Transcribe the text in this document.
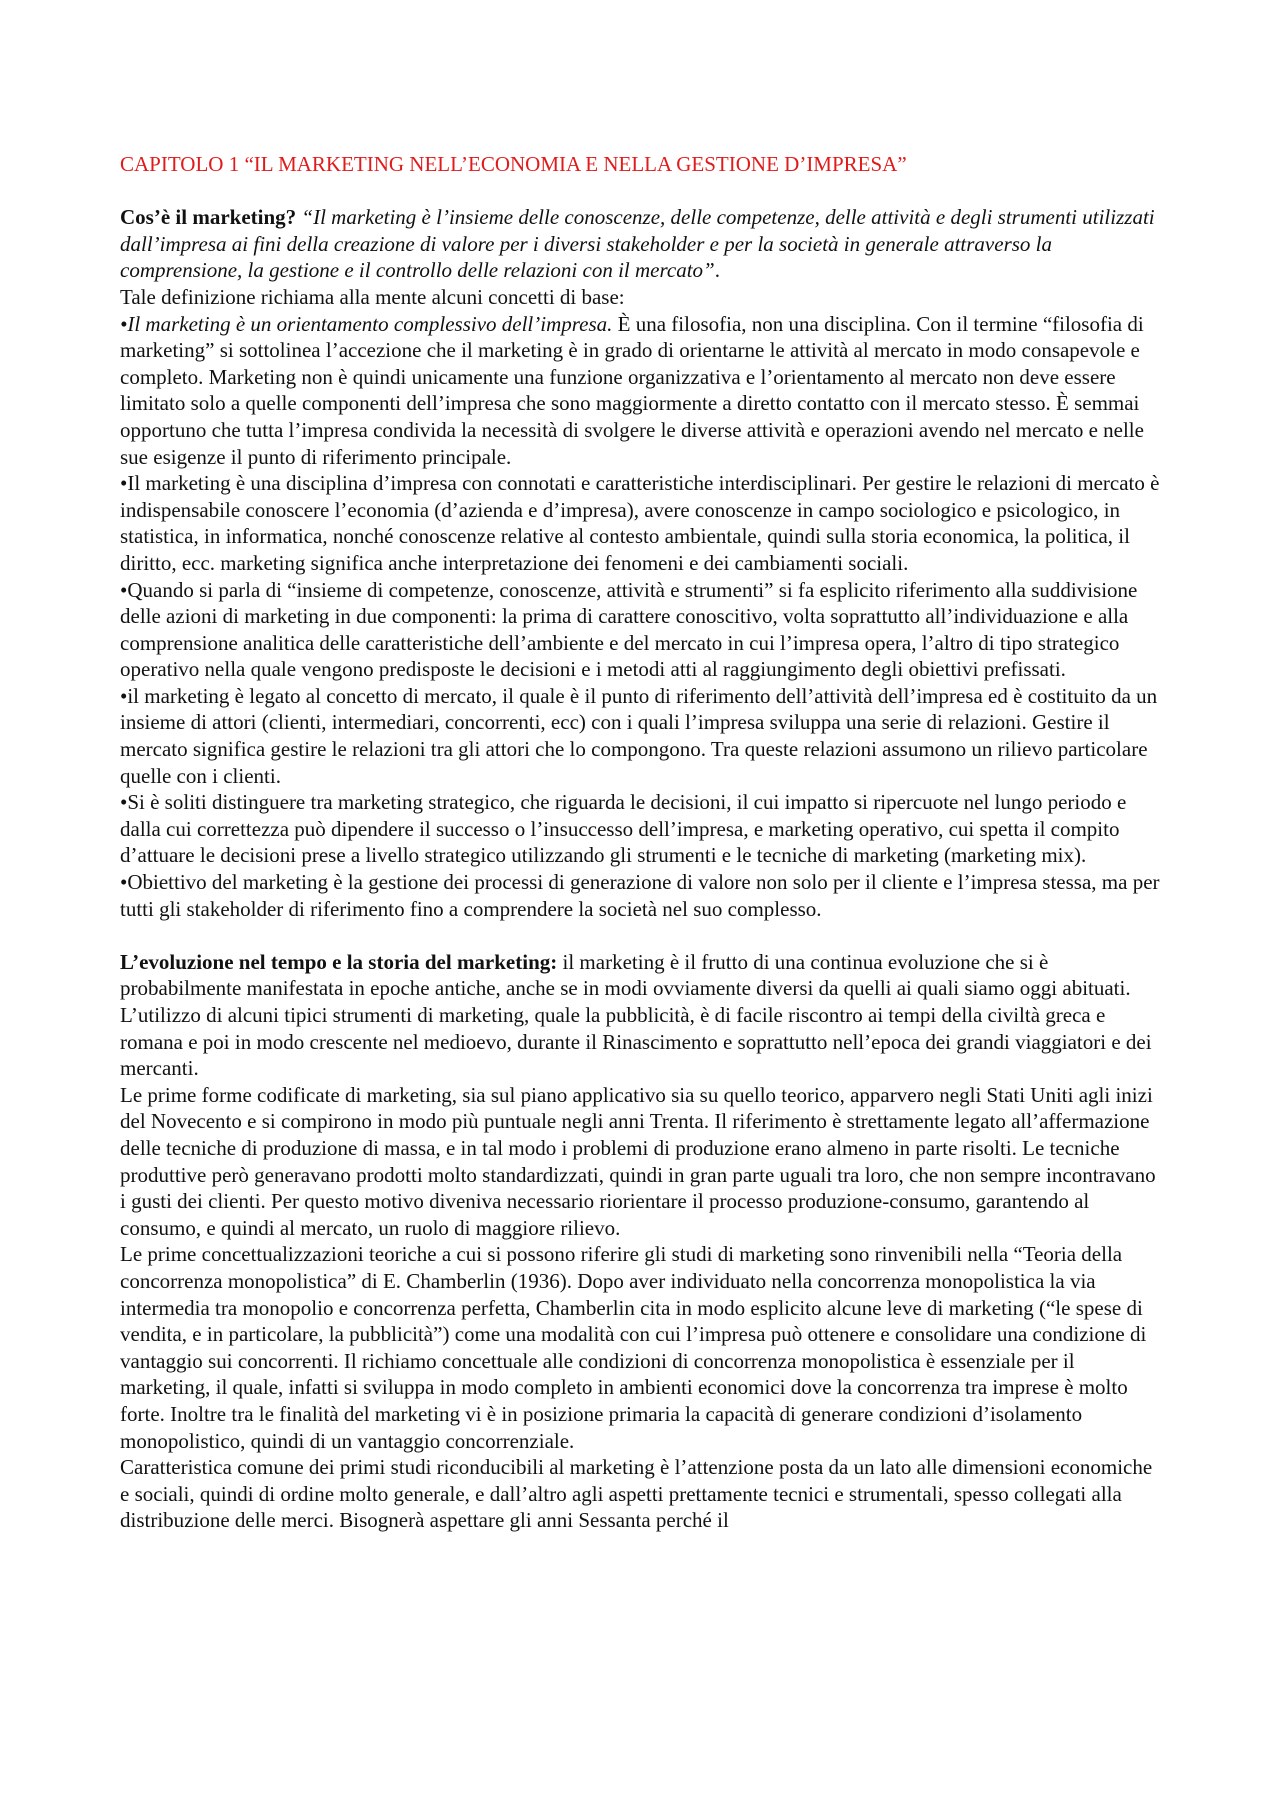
CAPITOLO 1 “IL MARKETING NELL’ECONOMIA E NELLA GESTIONE D’IMPRESA”

Cos’è il marketing? “Il marketing è l’insieme delle conoscenze, delle competenze, delle attività e degli strumenti utilizzati dall’impresa ai fini della creazione di valore per i diversi stakeholder e per la società in generale attraverso la comprensione, la gestione e il controllo delle relazioni con il mercato”.

Tale definizione richiama alla mente alcuni concetti di base:

•Il marketing è un orientamento complessivo dell’impresa. È una filosofia, non una disciplina. Con il termine “filosofia di marketing” si sottolinea l’accezione che il marketing è in grado di orientarne le attività al mercato in modo consapevole e completo. Marketing non è quindi unicamente una funzione organizzativa e l’orientamento al mercato non deve essere limitato solo a quelle componenti dell’impresa che sono maggiormente a diretto contatto con il mercato stesso. È semmai opportuno che tutta l’impresa condivida la necessità di svolgere le diverse attività e operazioni avendo nel mercato e nelle sue esigenze il punto di riferimento principale.

•Il marketing è una disciplina d’impresa con connotati e caratteristiche interdisciplinari. Per gestire le relazioni di mercato è indispensabile conoscere l’economia (d’azienda e d’impresa), avere conoscenze in campo sociologico e psicologico, in statistica, in informatica, nonché conoscenze relative al contesto ambientale, quindi sulla storia economica, la politica, il diritto, ecc. marketing significa anche interpretazione dei fenomeni e dei cambiamenti sociali.

•Quando si parla di “insieme di competenze, conoscenze, attività e strumenti” si fa esplicito riferimento alla suddivisione delle azioni di marketing in due componenti: la prima di carattere conoscitivo, volta soprattutto all’individuazione e alla comprensione analitica delle caratteristiche dell’ambiente e del mercato in cui l’impresa opera, l’altro di tipo strategico operativo nella quale vengono predisposte le decisioni e i metodi atti al raggiungimento degli obiettivi prefissati.

•il marketing è legato al concetto di mercato, il quale è il punto di riferimento dell’attività dell’impresa ed è costituito da un insieme di attori (clienti, intermediari, concorrenti, ecc) con i quali l’impresa sviluppa una serie di relazioni. Gestire il mercato significa gestire le relazioni tra gli attori che lo compongono. Tra queste relazioni assumono un rilievo particolare quelle con i clienti.

•Si è soliti distinguere tra marketing strategico, che riguarda le decisioni, il cui impatto si ripercuote nel lungo periodo e dalla cui correttezza può dipendere il successo o l’insuccesso dell’impresa, e marketing operativo, cui spetta il compito d’attuare le decisioni prese a livello strategico utilizzando gli strumenti e le tecniche di marketing (marketing mix).

•Obiettivo del marketing è la gestione dei processi di generazione di valore non solo per il cliente e l’impresa stessa, ma per tutti gli stakeholder di riferimento fino a comprendere la società nel suo complesso.

L’evoluzione nel tempo e la storia del marketing: il marketing è il frutto di una continua evoluzione che si è probabilmente manifestata in epoche antiche, anche se in modi ovviamente diversi da quelli ai quali siamo oggi abituati. L’utilizzo di alcuni tipici strumenti di marketing, quale la pubblicità, è di facile riscontro ai tempi della civiltà greca e romana e poi in modo crescente nel medioevo, durante il Rinascimento e soprattutto nell’epoca dei grandi viaggiatori e dei mercanti.

Le prime forme codificate di marketing, sia sul piano applicativo sia su quello teorico, apparvero negli Stati Uniti agli inizi del Novecento e si compirono in modo più puntuale negli anni Trenta. Il riferimento è strettamente legato all’affermazione delle tecniche di produzione di massa, e in tal modo i problemi di produzione erano almeno in parte risolti. Le tecniche produttive però generavano prodotti molto standardizzati, quindi in gran parte uguali tra loro, che non sempre incontravano i gusti dei clienti. Per questo motivo diveniva necessario riorientare il processo produzione-consumo, garantendo al consumo, e quindi al mercato, un ruolo di maggiore rilievo.

Le prime concettualizzazioni teoriche a cui si possono riferire gli studi di marketing sono rinvenibili nella “Teoria della concorrenza monopolistica” di E. Chamberlin (1936). Dopo aver individuato nella concorrenza monopolistica la via intermedia tra monopolio e concorrenza perfetta, Chamberlin cita in modo esplicito alcune leve di marketing (“le spese di vendita, e in particolare, la pubblicità”) come una modalità con cui l’impresa può ottenere e consolidare una condizione di vantaggio sui concorrenti. Il richiamo concettuale alle condizioni di concorrenza monopolistica è essenziale per il marketing, il quale, infatti si sviluppa in modo completo in ambienti economici dove la concorrenza tra imprese è molto forte. Inoltre tra le finalità del marketing vi è in posizione primaria la capacità di generare condizioni d’isolamento monopolistico, quindi di un vantaggio concorrenziale.

Caratteristica comune dei primi studi riconducibili al marketing è l’attenzione posta da un lato alle dimensioni economiche e sociali, quindi di ordine molto generale, e dall’altro agli aspetti prettamente tecnici e strumentali, spesso collegati alla distribuzione delle merci. Bisognerà aspettare gli anni Sessanta perché il
